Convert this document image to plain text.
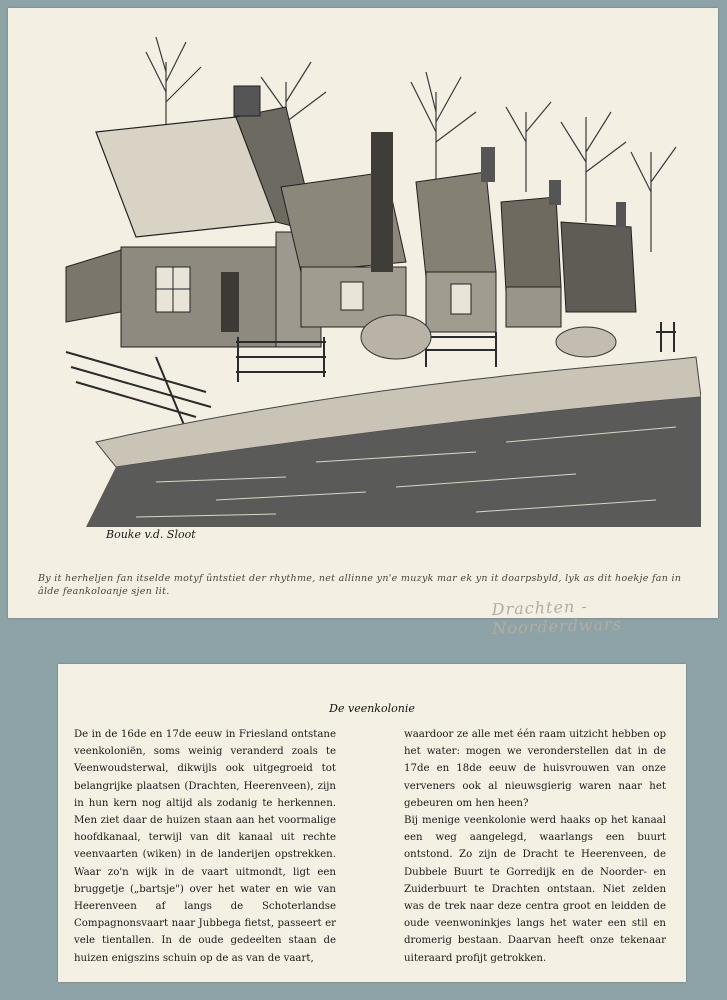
Bouke v.d. Sloot
By it herheljen fan itselde motyf ûntstiet der rhythme, net allinne yn'e muzyk mar ek yn it doarpsbyld, lyk as dit hoekje fan in âlde feankoloanje sjen lit.
Drachten - Noorderdwars
De veenkolonie

De in de 16de en 17de eeuw in Friesland ontstane veenkoloniën, soms weinig veranderd zoals te Veenwoudsterwal, dikwijls ook uitgegroeid tot belangrijke plaatsen (Drachten, Heerenveen), zijn in hun kern nog altijd als zodanig te herkennen. Men ziet daar de huizen staan aan het voormalige hoofdkanaal, terwijl van dit kanaal uit rechte veenvaarten (wiken) in de landerijen opstrekken. Waar zo'n wijk in de vaart uitmondt, ligt een bruggetje („bartsje") over het water en wie van Heerenveen af langs de Schoterlandse Compagnonsvaart naar Jubbega fietst, passeert er vele tientallen. In de oude gedeelten staan de huizen enigszins schuin op de as van de vaart,

waardoor ze alle met één raam uitzicht hebben op het water: mogen we veronderstellen dat in de 17de en 18de eeuw de huisvrouwen van onze verveners ook al nieuwsgierig waren naar het gebeuren om hen heen?

Bij menige veenkolonie werd haaks op het kanaal een weg aangelegd, waarlangs een buurt ontstond. Zo zijn de Dracht te Heerenveen, de Dubbele Buurt te Gorredijk en de Noorder- en Zuiderbuurt te Drachten ontstaan. Niet zelden was de trek naar deze centra groot en leidden de oude veenwoninkjes langs het water een stil en dromerig bestaan. Daarvan heeft onze tekenaar uiteraard profijt getrokken.
